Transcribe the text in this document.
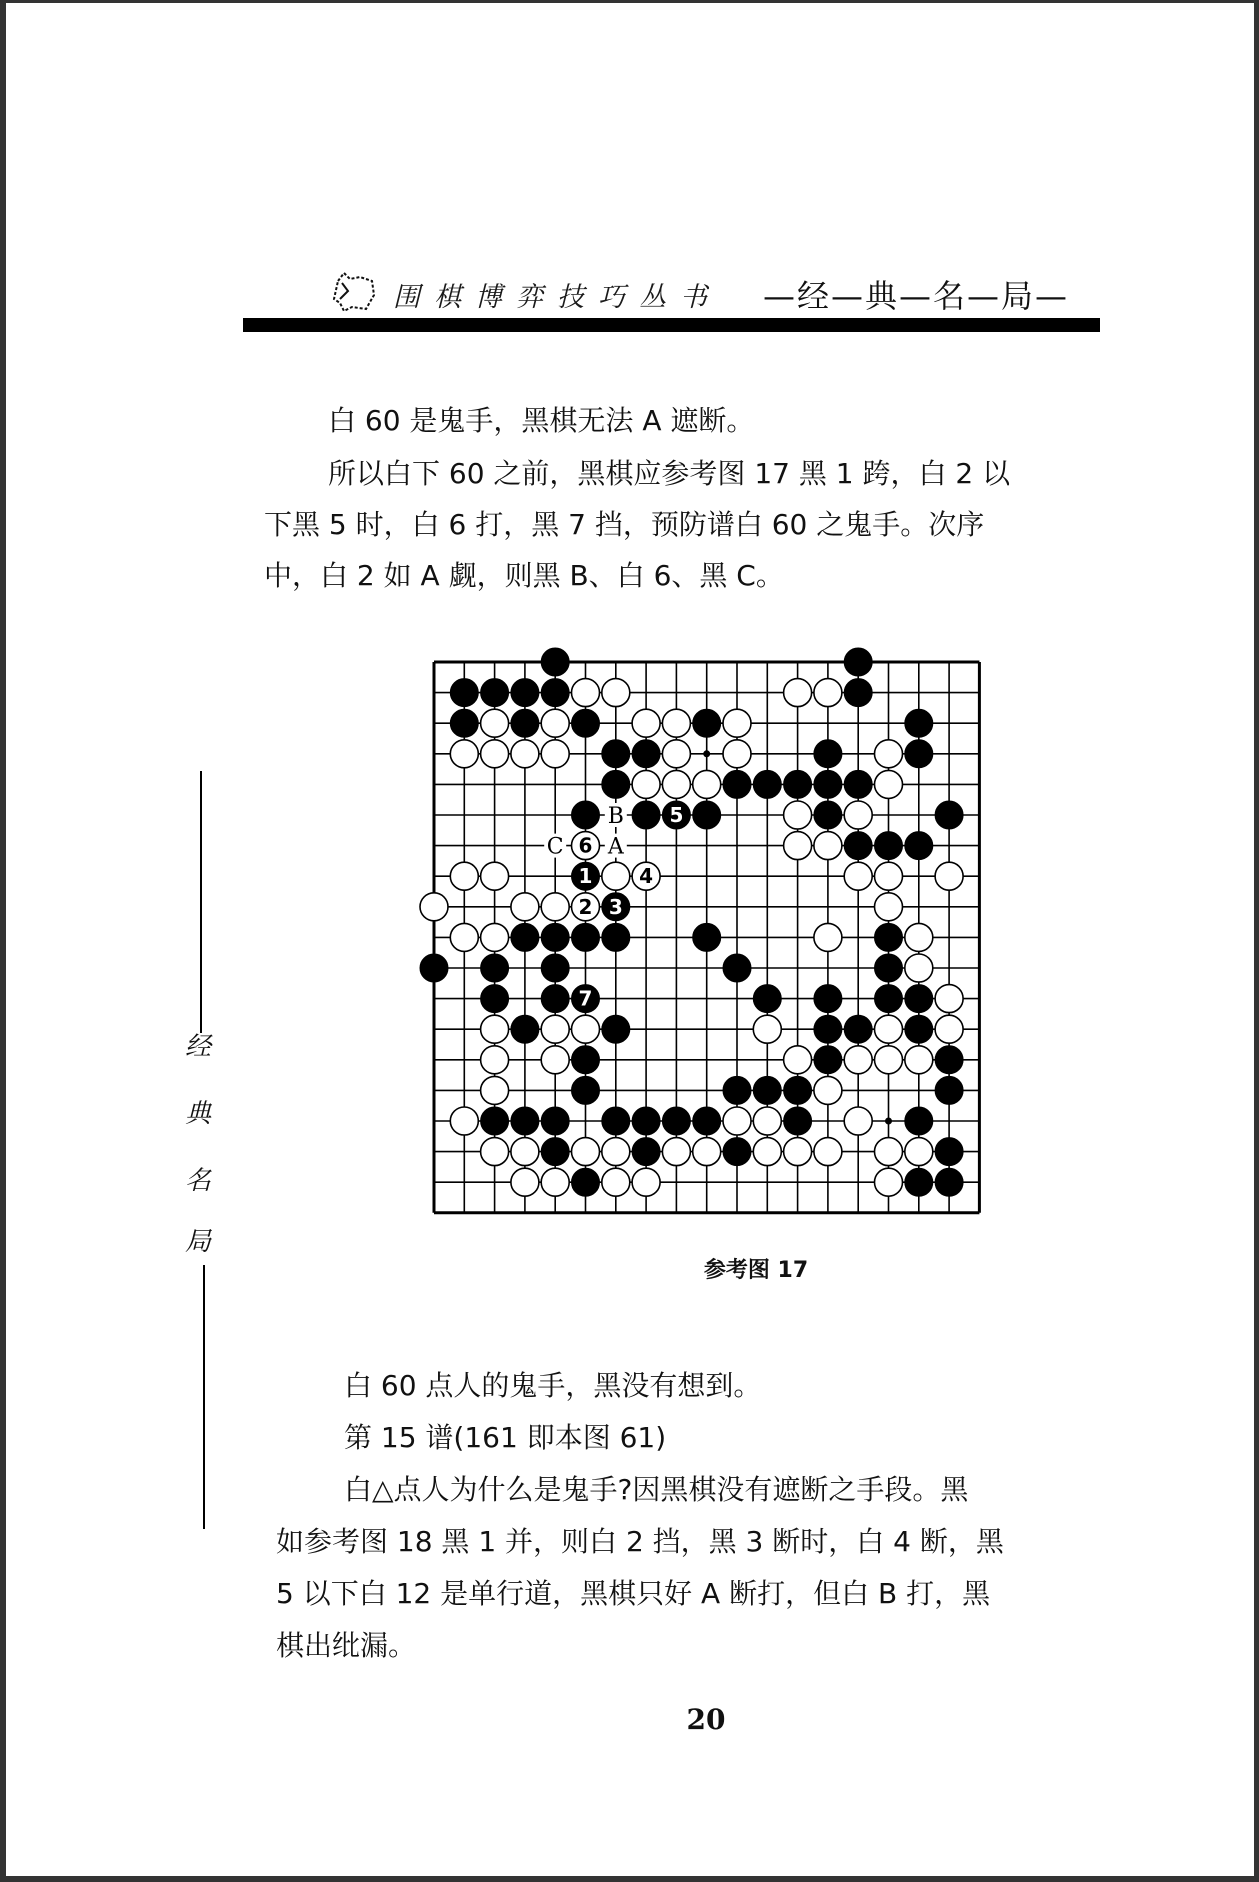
围棋博弈技巧丛书 —经—典—名—局—
白 60 是鬼手，黑棋无法 A 遮断。
所以白下 60 之前，黑棋应参考图 17 黑 1 跨，白 2 以
下黑 5 时，白 6 打，黑 7 挡，预防谱白 60 之鬼手。次序
中，白 2 如 A 觑，则黑 B、白 6、黑 C。
B
C A
5
6
1 4
2 3
7
参考图 17
经
典
名
局
白 60 点人的鬼手，黑没有想到。
第 15 谱(161 即本图 61)
白△点人为什么是鬼手?因黑棋没有遮断之手段。黑
如参考图 18 黑 1 并，则白 2 挡，黑 3 断时，白 4 断，黑
5 以下白 12 是单行道，黑棋只好 A 断打，但白 B 打，黑
棋出纰漏。
20
